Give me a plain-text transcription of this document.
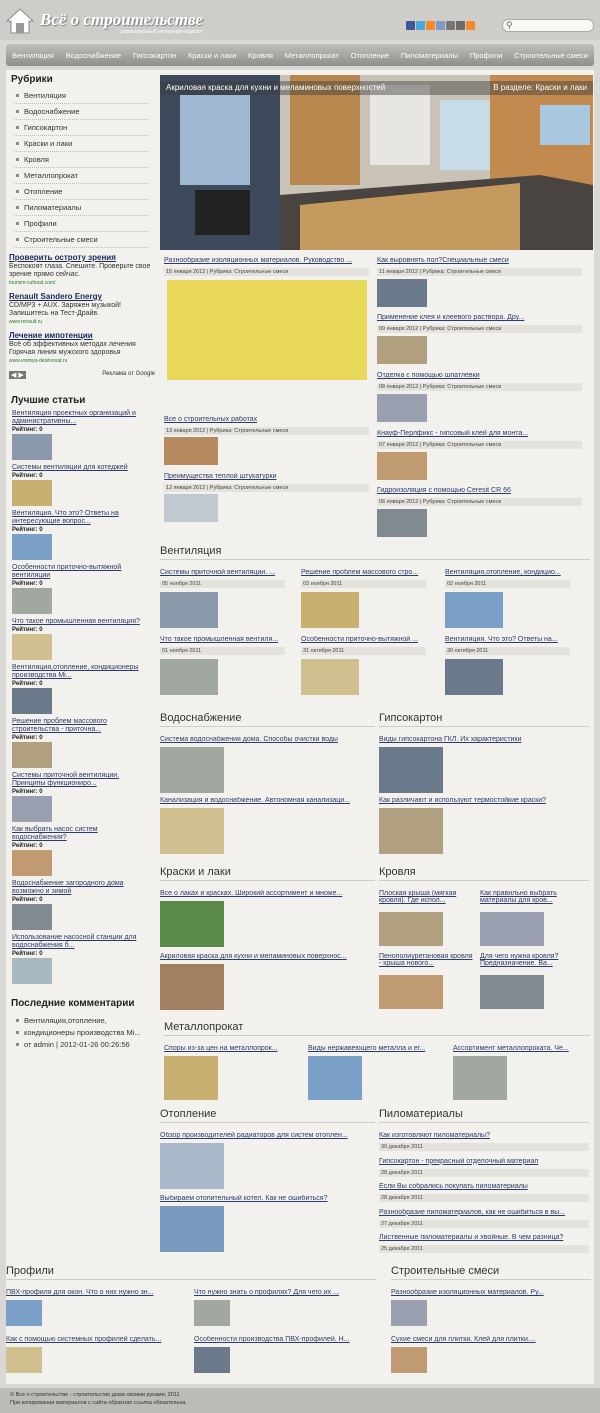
Всё о строительстве
строительный интернет-портал
⚲
Вентиляция Водоснабжение Гипсокартон Краски и лаки Кровля Металлопрокат Отопление Пиломатериалы Профили Строительные смеси
Рубрики
Вентиляция
Водоснабжение
Гипсокартон
Краски и лаки
Кровля
Металлопрокат
Отопление
Пиломатериалы
Профили
Строительные смеси
Проверить остроту зрения
Беспокоят глаза. Спешите. Проверьте свое зрение прямо сейчас.
tourism-cultural.com/
Renault Sandero Energy
CD/MP3 + AUX. Заряжен музыкой! Запишитесь на Тест-Драйв.
www.renault.ru
Лечение импотенции
Всё об эффективных методах лечения Горячая линия мужского здоровья
www.vremya-deistvovat.ru
◀ ▶	Реклама от Google
Лучшие статьи
Вентиляция проектных организаций и административны...
Рейтинг: 0

Системы вентиляции для котеджей
Рейтинг: 0

Вентиляция. Что это? Ответы на интересующие вопрос...
Рейтинг: 0

Особенности приточно-вытяжной вентиляции
Рейтинг: 0

Что такое промышленная вентиляция?
Рейтинг: 0

Вентиляция,отопление, кондиционеры производства Mi...
Рейтинг: 0

Решение проблем массового строительства - приточна...
Рейтинг: 0

Системы приточной вентиляции. Принципы функциониро...
Рейтинг: 0

Как выбрать насос систем водоснабжения?
Рейтинг: 0

Водоснабжение загородного дома возможно и зимой
Рейтинг: 0

Использование насосной станции для водоснабжения б...
Рейтинг: 0

Последние комментарии
Вентиляция,отопление,
кондиционеры производства Mi...
от admin | 2012-01-26 00:26:56
Акриловая краска для кухни и меламиновых поверхностей	В разделе: Краски и лаки
Разнообразие изоляционных материалов. Руководство ...
15 января 2012 | Рубрика: Строительные смеси
Все о строительных работах
13 января 2012 | Рубрика: Строительные смеси
Преимущества теплой штукатурки
12 января 2012 | Рубрика: Строительные смеси
Как выровнять пол?Специальные смеси
11 января 2012 | Рубрика: Строительные смеси
Применение клея и клеевого раствора. Дру...
09 января 2012 | Рубрика: Строительные смеси
Отделка с помощью шпатлевки
08 января 2012 | Рубрика: Строительные смеси
Кнауф-Перлфикс - гипсовый клей для монта...
07 января 2012 | Рубрика: Строительные смеси
Гидроизоляция с помощью Ceresit CR 66
06 января 2012 | Рубрика: Строительные смеси
Вентиляция
Системы приточной вентиляции. ...
05 ноября 2011
Решение проблем массового стро...
03 ноября 2011
Вентиляция,отопление, кондицио...
02 ноября 2011
Что такое промышленная вентиля...
01 ноября 2011
Особенности приточно-вытяжной ...
31 октября 2011
Вентиляция. Что это? Ответы на...
30 октября 2011
Водоснабжение	Гипсокартон
Система водоснабжения дома. Способы очистки воды
Канализация и водоснабжение. Автономная канализаци...
Виды гипсокартона ГКЛ. Их характеристики
Как различают и используют термостойкие краски?
Краски и лаки	Кровля
Все о лаках и красках. Широкий ассортимент и множе...
Акриловая краска для кухни и меламиновых поверхнос...
Плоская крыша (мягкая кровля). Где испол...
Как правильно выбрать материалы для кров...
Пенополиуретановая кровля - крыша нового...
Для чего нужна кровля?Предназначение. Ва...
Металлопрокат
Споры из-за цен на металлопрок...	Виды нержавеющего металла и ег...	Ассортимент металлопроката. Че...
Отопление	Пиломатериалы
Обзор производителей радиаторов для систем отоплен...
Выбираем отопительный котел. Как не ошибиться?
Как изготовляют пиломатериалы?
30 декабря 2011
Гипсокартон - прекрасный отделочный материал
28 декабря 2011
Если Вы собрались покупать пиломатериалы
28 декабря 2011
Разнообразие пиломатериалов, как не ошибиться в вы...
27 декабря 2011
Лиственные пиломатериалы и хвойные. В чем разница?
25 декабря 2011
Профили	Строительные смеси
ПВХ-профиля для окон. Что о них нужно зн...	Что нужно знать о профилях? Для чего их ...
Как с помощью системных профилей сделать...	Особенности производства ПВХ-профилей. Н...
Разнообразие изоляционных материалов. Ру...
Сухие смеси для плитки. Клей для плитки....
© Все о строительстве - строительство дома своими руками, 2011
При копировании материалов с сайта обратная ссылка обязательна.
